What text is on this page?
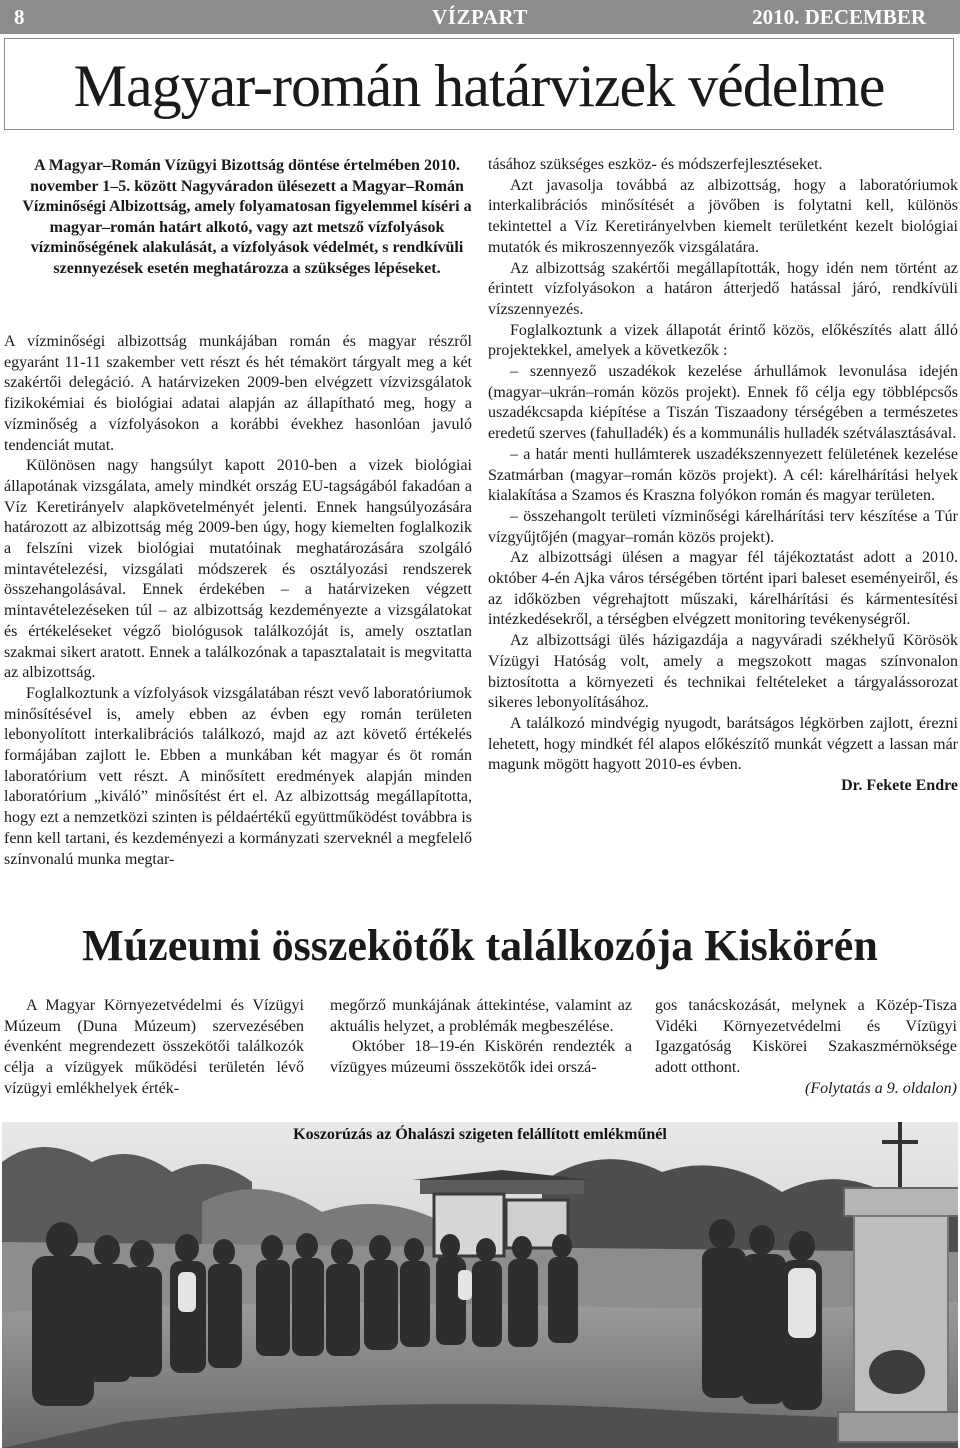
8	VÍZPART	2010. DECEMBER
Magyar-román határvizek védelme
A Magyar–Román Vízügyi Bizottság döntése értelmében 2010. november 1–5. között Nagyváradon ülésezett a Magyar–Román Vízminőségi Albizottság, amely folyamatosan figyelemmel kíséri a magyar–román határt alkotó, vagy azt metsző vízfolyások vízminőségének alakulását, a vízfolyások védelmét, s rendkívüli szennyezések esetén meghatározza a szükséges lépéseket.

A vízminőségi albizottság munkájában román és magyar részről egyaránt 11-11 szakember vett részt és hét témakört tárgyalt meg a két szakértői delegáció. A határvizeken 2009-ben elvégzett vízvizsgálatok fizikokémiai és biológiai adatai alapján az állapítható meg, hogy a vízminőség a vízfolyásokon a korábbi évekhez hasonlóan javuló tendenciát mutat.

Különösen nagy hangsúlyt kapott 2010-ben a vizek biológiai állapotának vizsgálata, amely mindkét ország EU-tagságából fakadóan a Víz Keretirányelv alapkövetelményét jelenti. Ennek hangsúlyozására határozott az albizottság még 2009-ben úgy, hogy kiemelten foglalkozik a felszíni vizek biológiai mutatóinak meghatározására szolgáló mintavételezési, vizsgálati módszerek és osztályozási rendszerek összehangolásával. Ennek érdekében – a határvizeken végzett mintavételezéseken túl – az albizottság kezdeményezte a vizsgálatokat és értékeléseket végző biológusok találkozóját is, amely osztatlan szakmai sikert aratott. Ennek a találkozónak a tapasztalatait is megvitatta az albizottság.

Foglalkoztunk a vízfolyások vizsgálatában részt vevő laboratóriumok minősítésével is, amely ebben az évben egy román területen lebonyolított interkalibrációs találkozó, majd az azt követő értékelés formájában zajlott le. Ebben a munkában két magyar és öt román laboratórium vett részt. A minősített eredmények alapján minden laboratórium „kiváló” minősítést ért el. Az albizottság megállapította, hogy ezt a nemzetközi szinten is példaértékű együttműködést továbbra is fenn kell tartani, és kezdeményezi a kormányzati szerveknél a megfelelő színvonalú munka megtar-

tásához szükséges eszköz- és módszerfejlesztéseket.

Azt javasolja továbbá az albizottság, hogy a laboratóriumok interkalibrációs minősítését a jövőben is folytatni kell, különös tekintettel a Víz Keretirányelvben kiemelt területként kezelt biológiai mutatók és mikroszennyezők vizsgálatára.

Az albizottság szakértői megállapították, hogy idén nem történt az érintett vízfolyásokon a határon átterjedő hatással járó, rendkívüli vízszennyezés.

Foglalkoztunk a vizek állapotát érintő közös, előkészítés alatt álló projektekkel, amelyek a következők :

– szennyező uszadékok kezelése árhullámok levonulása idején (magyar–ukrán–román közös projekt). Ennek fő célja egy többlépcsős uszadékcsapda kiépítése a Tiszán Tiszaadony térségében a természetes eredetű szerves (fahulladék) és a kommunális hulladék szétválasztásával.

– a határ menti hullámterek uszadékszennyezett felületének kezelése Szatmárban (magyar–román közös projekt). A cél: kárelhárítási helyek kialakítása a Szamos és Kraszna folyókon román és magyar területen.

– összehangolt területi vízminőségi kárelhárítási terv készítése a Túr vízgyűjtőjén (magyar–román közös projekt).

Az albizottsági ülésen a magyar fél tájékoztatást adott a 2010. október 4-én Ajka város térségében történt ipari baleset eseményeiről, és az időközben végrehajtott műszaki, kárelhárítási és kármentesítési intézkedésekről, a térségben elvégzett monitoring tevékenységről.

Az albizottsági ülés házigazdája a nagyváradi székhelyű Körösök Vízügyi Hatóság volt, amely a megszokott magas színvonalon biztosította a környezeti és technikai feltételeket a tárgyalássorozat sikeres lebonyolításához.

A találkozó mindvégig nyugodt, barátságos légkörben zajlott, érezni lehetett, hogy mindkét fél alapos előkészítő munkát végzett a lassan már magunk mögött hagyott 2010-es évben.

Dr. Fekete Endre

Múzeumi összekötők találkozója Kiskörén

A Magyar Környezetvédelmi és Vízügyi Múzeum (Duna Múzeum) szervezésében évenként megrendezett összekötői találkozók célja a vízügyek működési területén lévő vízügyi emlékhelyek érték-

megőrző munkájának áttekintése, valamint az aktuális helyzet, a problémák megbeszélése.

Október 18–19-én Kiskörén rendezték a vízügyes múzeumi összekötők idei orszá-

gos tanácskozását, melynek a Közép-Tisza Vidéki Környezetvédelmi és Vízügyi Igazgatóság Kiskörei Szakaszmérnöksége adott otthont.

(Folytatás a 9. oldalon)

Koszorúzás az Óhalászi szigeten felállított emlékműnél
